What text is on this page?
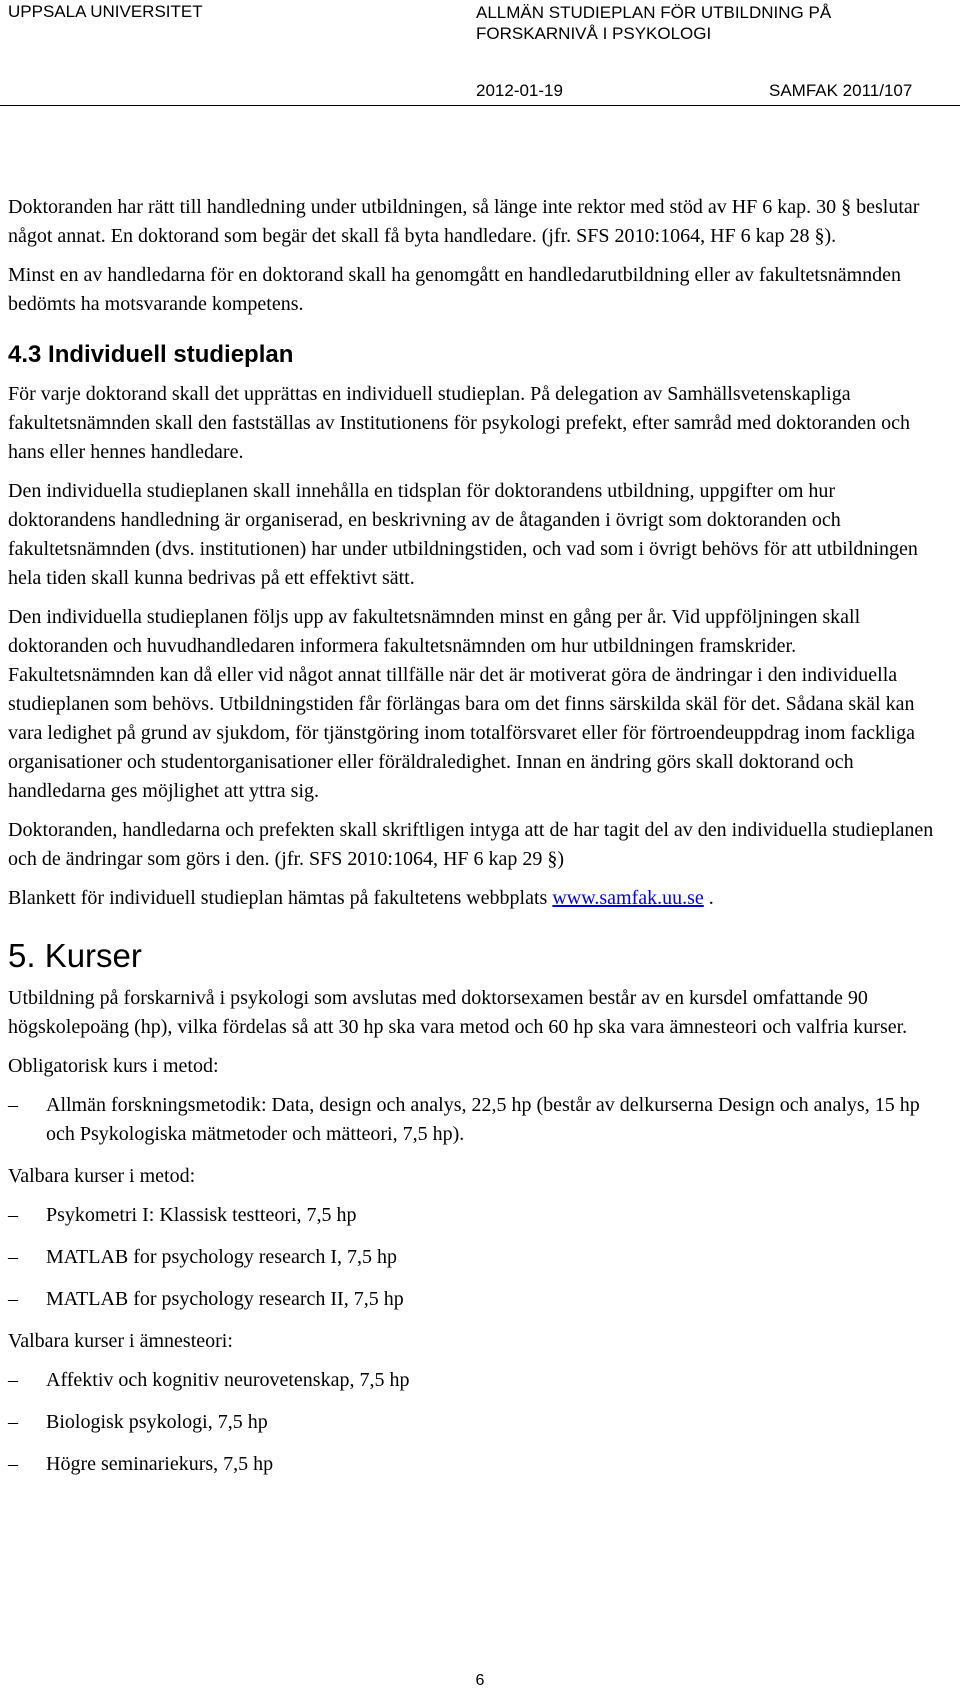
UPPSALA UNIVERSITET	ALLMÄN STUDIEPLAN FÖR UTBILDNING PÅ
FORSKARNIVÅ I PSYKOLOGI
2012-01-19	SAMFAK 2011/107

Doktoranden har rätt till handledning under utbildningen, så länge inte rektor med stöd av HF 6 kap. 30 § beslutar något annat. En doktorand som begär det skall få byta handledare. (jfr. SFS 2010:1064, HF 6 kap 28 §).

Minst en av handledarna för en doktorand skall ha genomgått en handledarutbildning eller av fakultetsnämnden bedömts ha motsvarande kompetens.

4.3 Individuell studieplan

För varje doktorand skall det upprättas en individuell studieplan. På delegation av Samhällsvetenskapliga fakultetsnämnden skall den fastställas av Institutionens för psykologi prefekt, efter samråd med doktoranden och hans eller hennes handledare.

Den individuella studieplanen skall innehålla en tidsplan för doktorandens utbildning, uppgifter om hur doktorandens handledning är organiserad, en beskrivning av de åtaganden i övrigt som doktoranden och fakultetsnämnden (dvs. institutionen) har under utbildningstiden, och vad som i övrigt behövs för att utbildningen hela tiden skall kunna bedrivas på ett effektivt sätt.

Den individuella studieplanen följs upp av fakultetsnämnden minst en gång per år. Vid uppföljningen skall doktoranden och huvudhandledaren informera fakultetsnämnden om hur utbildningen framskrider. Fakultetsnämnden kan då eller vid något annat tillfälle när det är motiverat göra de ändringar i den individuella studieplanen som behövs. Utbildningstiden får förlängas bara om det finns särskilda skäl för det. Sådana skäl kan vara ledighet på grund av sjukdom, för tjänstgöring inom totalförsvaret eller för förtroendeuppdrag inom fackliga organisationer och studentorganisationer eller föräldraledighet. Innan en ändring görs skall doktorand och handledarna ges möjlighet att yttra sig.

Doktoranden, handledarna och prefekten skall skriftligen intyga att de har tagit del av den individuella studieplanen och de ändringar som görs i den. (jfr. SFS 2010:1064, HF 6 kap 29 §)

Blankett för individuell studieplan hämtas på fakultetens webbplats www.samfak.uu.se .

5. Kurser

Utbildning på forskarnivå i psykologi som avslutas med doktorsexamen består av en kursdel omfattande 90 högskolepoäng (hp), vilka fördelas så att 30 hp ska vara metod och 60 hp ska vara ämnesteori och valfria kurser.

Obligatorisk kurs i metod:

– Allmän forskningsmetodik: Data, design och analys, 22,5 hp (består av delkurserna Design och analys, 15 hp och Psykologiska mätmetoder och mätteori, 7,5 hp).

Valbara kurser i metod:

– Psykometri I: Klassisk testteori, 7,5 hp
– MATLAB for psychology research I, 7,5 hp
– MATLAB for psychology research II, 7,5 hp

Valbara kurser i ämnesteori:

– Affektiv och kognitiv neurovetenskap, 7,5 hp
– Biologisk psykologi, 7,5 hp
– Högre seminariekurs, 7,5 hp
6
